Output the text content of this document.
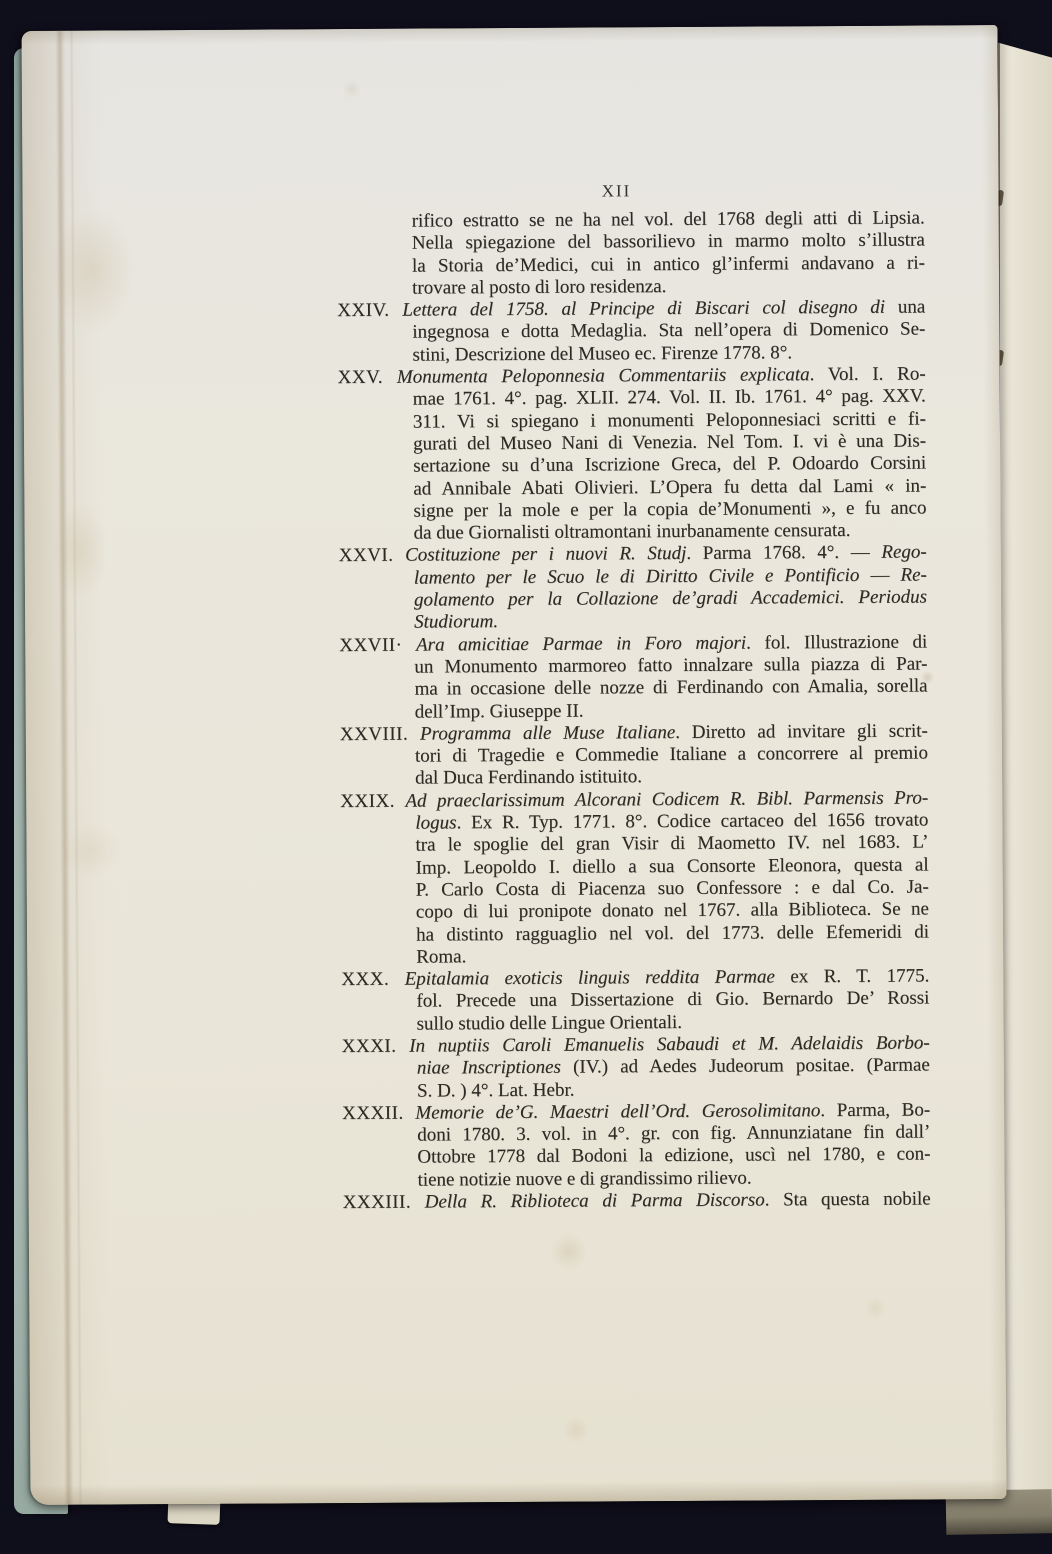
XII
rifico estratto se ne ha nel vol. del 1768 degli atti di Lipsia.
Nella spiegazione del bassorilievo in marmo molto s’illustra
la Storia de’Medici, cui in antico gl’infermi andavano a ri-
trovare al posto di loro residenza.
XXIV. Lettera del 1758. al Principe di Biscari col disegno di una
ingegnosa e dotta Medaglia. Sta nell’opera di Domenico Se-
stini, Descrizione del Museo ec. Firenze 1778. 8°.
XXV. Monumenta Peloponnesia Commentariis explicata. Vol. I. Ro-
mae 1761. 4°. pag. XLII. 274. Vol. II. Ib. 1761. 4° pag. XXV.
311. Vi si spiegano i monumenti Peloponnesiaci scritti e fi-
gurati del Museo Nani di Venezia. Nel Tom. I. vi è una Dis-
sertazione su d’una Iscrizione Greca, del P. Odoardo Corsini
ad Annibale Abati Olivieri. L’Opera fu detta dal Lami « in-
signe per la mole e per la copia de’Monumenti », e fu anco
da due Giornalisti oltramontani inurbanamente censurata.
XXVI. Costituzione per i nuovi R. Studj. Parma 1768. 4°. — Rego-
lamento per le Scuo le di Diritto Civile e Pontificio — Re-
golamento per la Collazione de’gradi Accademici. Periodus
Studiorum.
XXVII· Ara amicitiae Parmae in Foro majori. fol. Illustrazione di
un Monumento marmoreo fatto innalzare sulla piazza di Par-
ma in occasione delle nozze di Ferdinando con Amalia, sorella
dell’Imp. Giuseppe II.
XXVIII. Programma alle Muse Italiane. Diretto ad invitare gli scrit-
tori di Tragedie e Commedie Italiane a concorrere al premio
dal Duca Ferdinando istituito.
XXIX. Ad praeclarissimum Alcorani Codicem R. Bibl. Parmensis Pro-
logus. Ex R. Typ. 1771. 8°. Codice cartaceo del 1656 trovato
tra le spoglie del gran Visir di Maometto IV. nel 1683. L’
Imp. Leopoldo I. diello a sua Consorte Eleonora, questa al
P. Carlo Costa di Piacenza suo Confessore : e dal Co. Ja-
copo di lui pronipote donato nel 1767. alla Biblioteca. Se ne
ha distinto ragguaglio nel vol. del 1773. delle Efemeridi di
Roma.
XXX. Epitalamia exoticis linguis reddita Parmae ex R. T. 1775.
fol. Precede una Dissertazione di Gio. Bernardo De’ Rossi
sullo studio delle Lingue Orientali.
XXXI. In nuptiis Caroli Emanuelis Sabaudi et M. Adelaidis Borbo-
niae Inscriptiones (IV.) ad Aedes Judeorum positae. (Parmae
S. D. ) 4°. Lat. Hebr.
XXXII. Memorie de’G. Maestri dell’Ord. Gerosolimitano. Parma, Bo-
doni 1780. 3. vol. in 4°. gr. con fig. Annunziatane fin dall’
Ottobre 1778 dal Bodoni la edizione, uscì nel 1780, e con-
tiene notizie nuove e di grandissimo rilievo.
XXXIII. Della R. Riblioteca di Parma Discorso. Sta questa nobile
